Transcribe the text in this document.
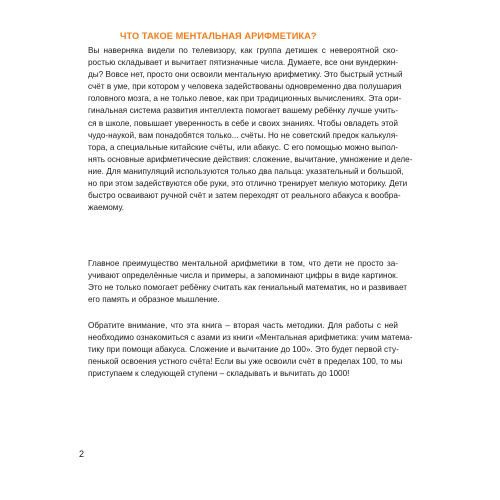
ЧТО ТАКОЕ МЕНТАЛЬНАЯ АРИФМЕТИКА?
Вы наверняка видели по телевизору, как группа детишек с невероятной ско-
ростью складывает и вычитает пятизначные числа. Думаете, все они вундеркин-
ды? Вовсе нет, просто они освоили ментальную арифметику. Это быстрый устный
счёт в уме, при котором у человека задействованы одновременно два полушария
головного мозга, а не только левое, как при традиционных вычислениях. Эта ори-
гинальная система развития интеллекта помогает вашему ребёнку лучше учить-
ся в школе, повышает уверенность в себе и своих знаниях. Чтобы овладеть этой
чудо-наукой, вам понадобятся только... счёты. Но не советский предок калькуля-
тора, а специальные китайские счёты, или абакус. С его помощью можно выпол-
нять основные арифметические действия: сложение, вычитание, умножение и деле-
ние. Для манипуляций используются только два пальца: указательный и большой,
но при этом задействуются обе руки, это отлично тренирует мелкую моторику. Дети
быстро осваивают ручной счёт и затем переходят от реального абакуса к вообра-
жаемому.
Главное преимущество ментальной арифметики в том, что дети не просто за-
учивают определённые числа и примеры, а запоминают цифры в виде картинок.
Это не только помогает ребёнку считать как гениальный математик, но и развивает
его память и образное мышление.
Обратите внимание, что эта книга – вторая часть методики. Для работы с ней
необходимо ознакомиться с азами из книги «Ментальная арифметика: учим матема-
тику при помощи абакуса. Сложение и вычитание до 100». Это будет первой сту-
пенькой освоения устного счёта! Если вы уже освоили счёт в пределах 100, то мы
приступаем к следующей ступени – складывать и вычитать до 1000!
2
